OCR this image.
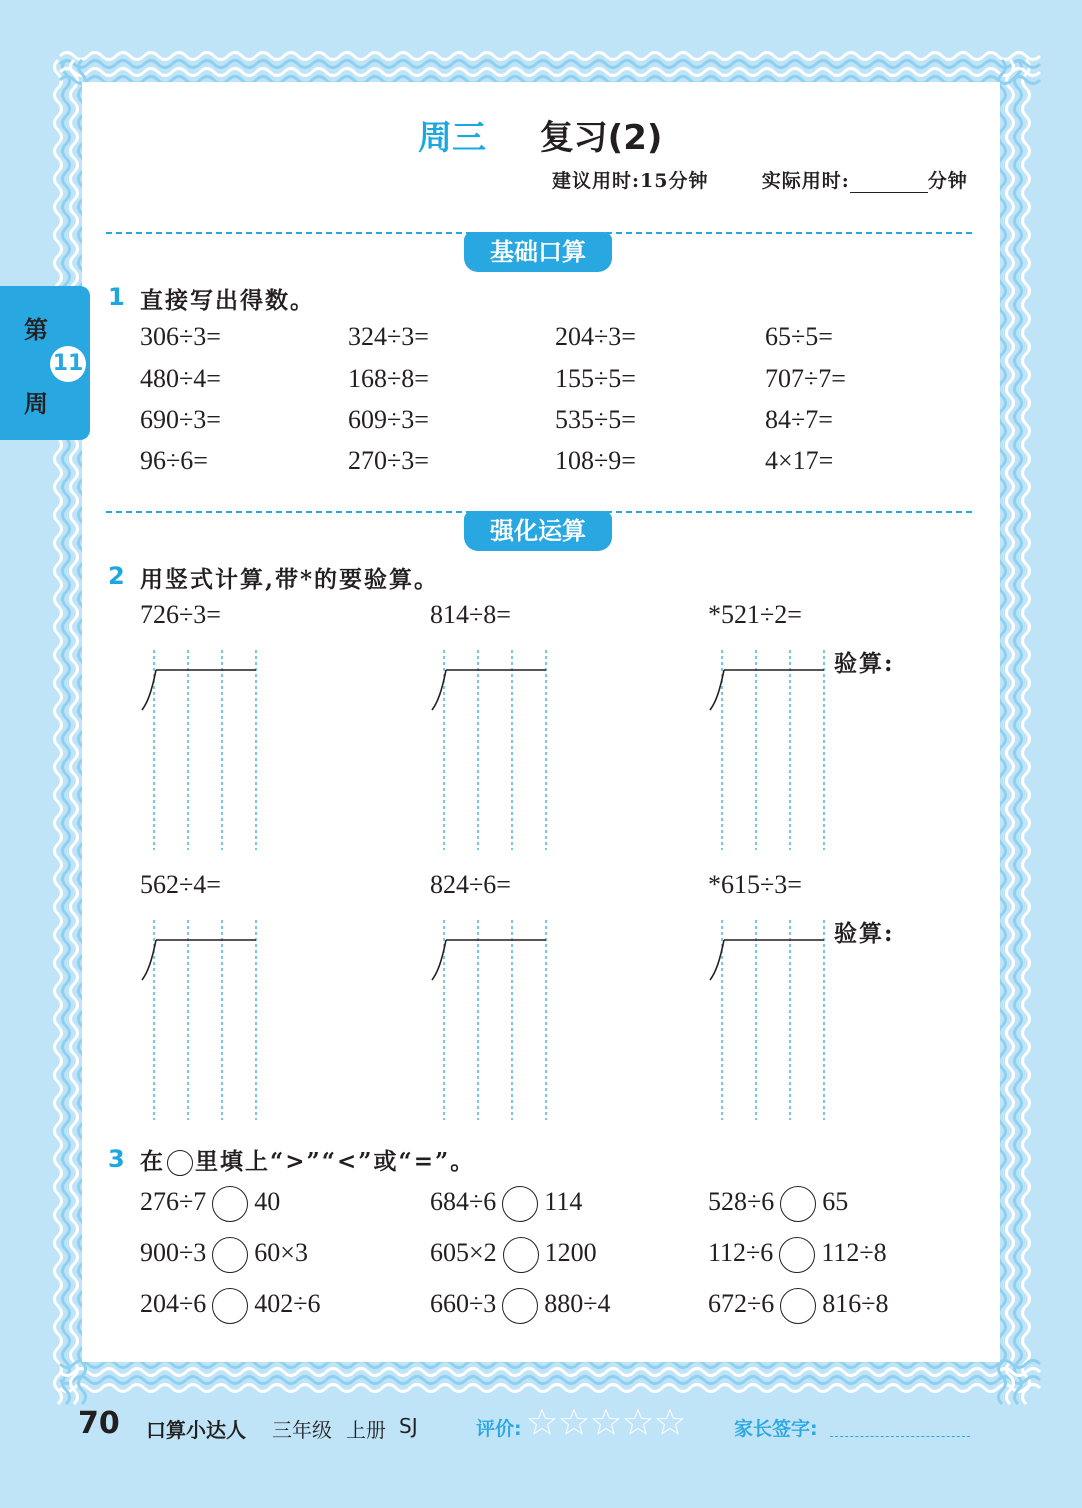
第
周
11
周三 复习(2)
建议用时:15分钟	实际用时:	分钟
基础口算
1 直接写出得数。
306÷3=	324÷3=	204÷3=	65÷5=
480÷4=	168÷8=	155÷5=	707÷7=
690÷3=	609÷3=	535÷5=	84÷7=
96÷6=	270÷3=	108÷9=	4×17=
强化运算
2 用竖式计算,带*的要验算。
726÷3=	814÷8=	*521÷2=
562÷4=	824÷6=	*615÷3=
验算:
验算:
3 在 里填上“>”“<”或“=”。
276÷7 40	684÷6 114	528÷6 65
900÷3 60×3	605×2 1200	112÷6 112÷8
204÷6 402÷6	660÷3 880÷4	672÷6 816÷8
70 口算小达人 三年级 上册 SJ	评价:	家长签字:
